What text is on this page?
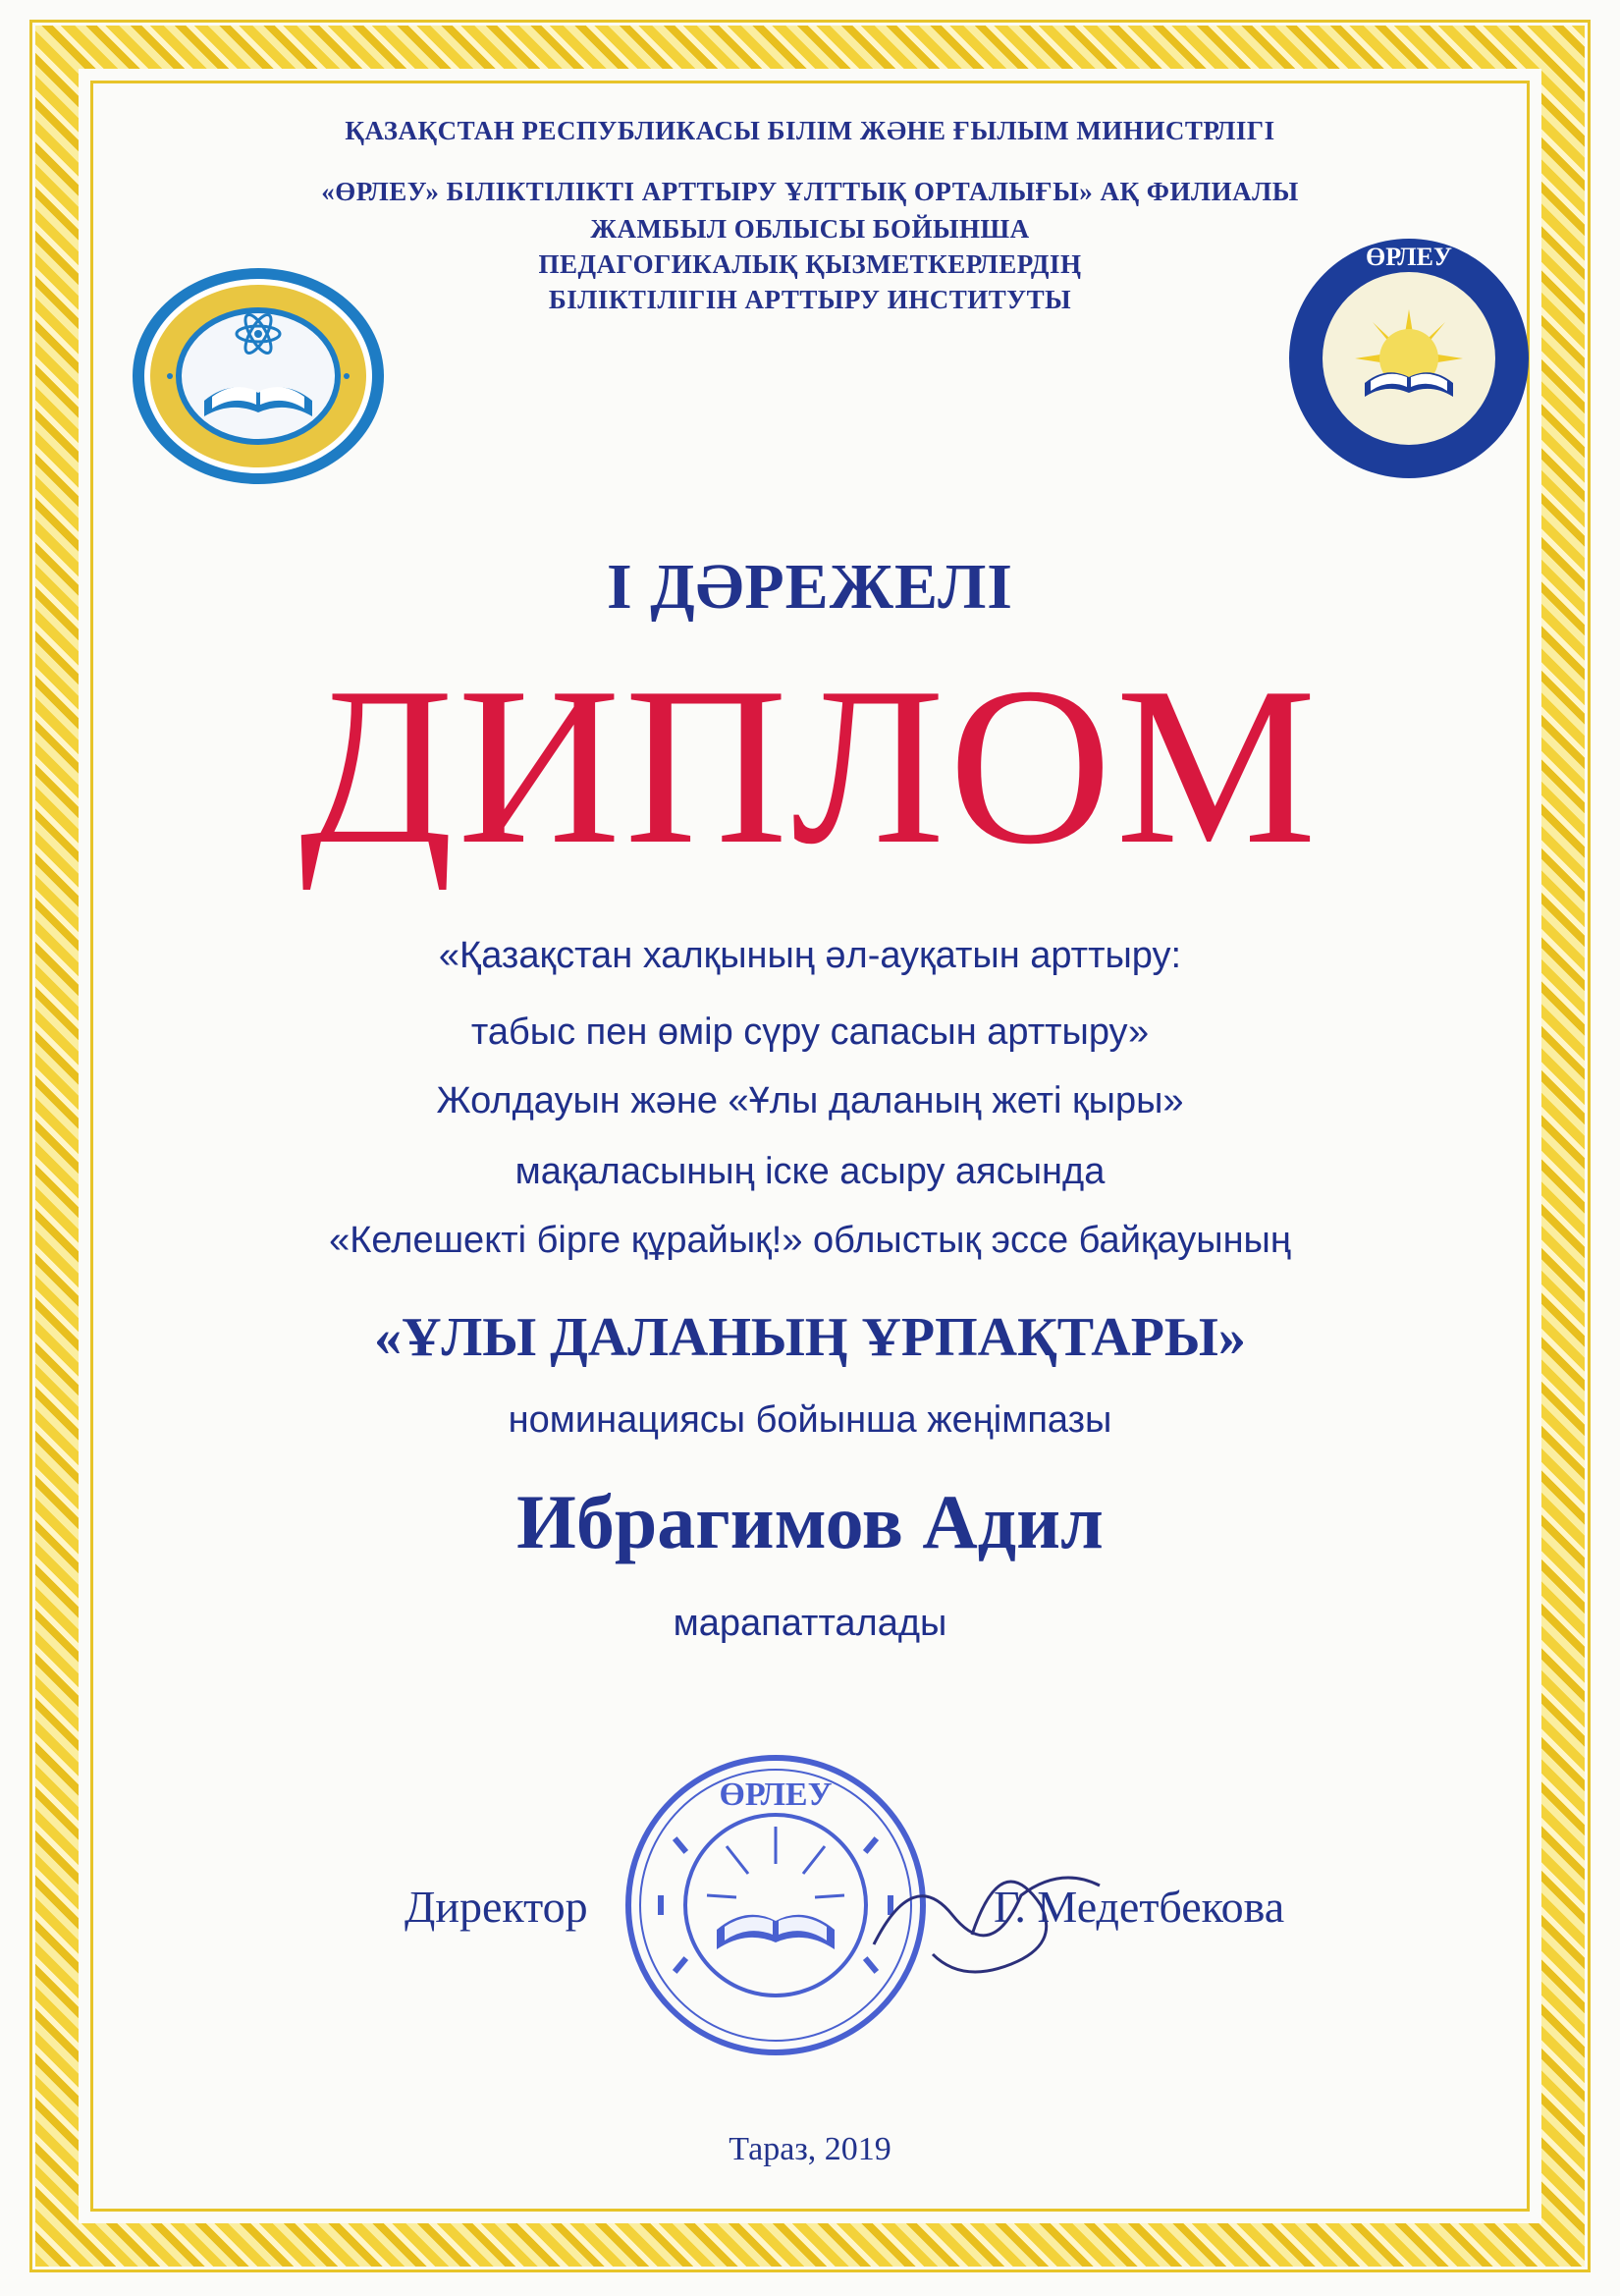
ҚАЗАҚСТАН РЕСПУБЛИКАСЫ БІЛІМ ЖӘНЕ ҒЫЛЫМ МИНИСТРЛІГІ
«ӨРЛЕУ» БІЛІКТІЛІКТІ АРТТЫРУ ҰЛТТЫҚ ОРТАЛЫҒЫ» АҚ ФИЛИАЛЫ
ЖАМБЫЛ ОБЛЫСЫ БОЙЫНША
ПЕДАГОГИКАЛЫҚ ҚЫЗМЕТКЕРЛЕРДІҢ
БІЛІКТІЛІГІН АРТТЫРУ ИНСТИТУТЫ
ӨРЛЕУ
І ДӘРЕЖЕЛІ
ДИПЛОМ
«Қазақстан халқының әл-ауқатын арттыру:
табыс пен өмір сүру сапасын арттыру»
Жолдауын және «Ұлы даланың жеті қыры»
мақаласының іске асыру аясында
«Келешекті бірге құрайық!» облыстық эссе байқауының
«ҰЛЫ ДАЛАНЫҢ ҰРПАҚТАРЫ»
номинациясы бойынша жеңімпазы
Ибрагимов Адил
марапатталады
ӨРЛЕУ
Директор	Г. Медетбекова
Тараз, 2019
